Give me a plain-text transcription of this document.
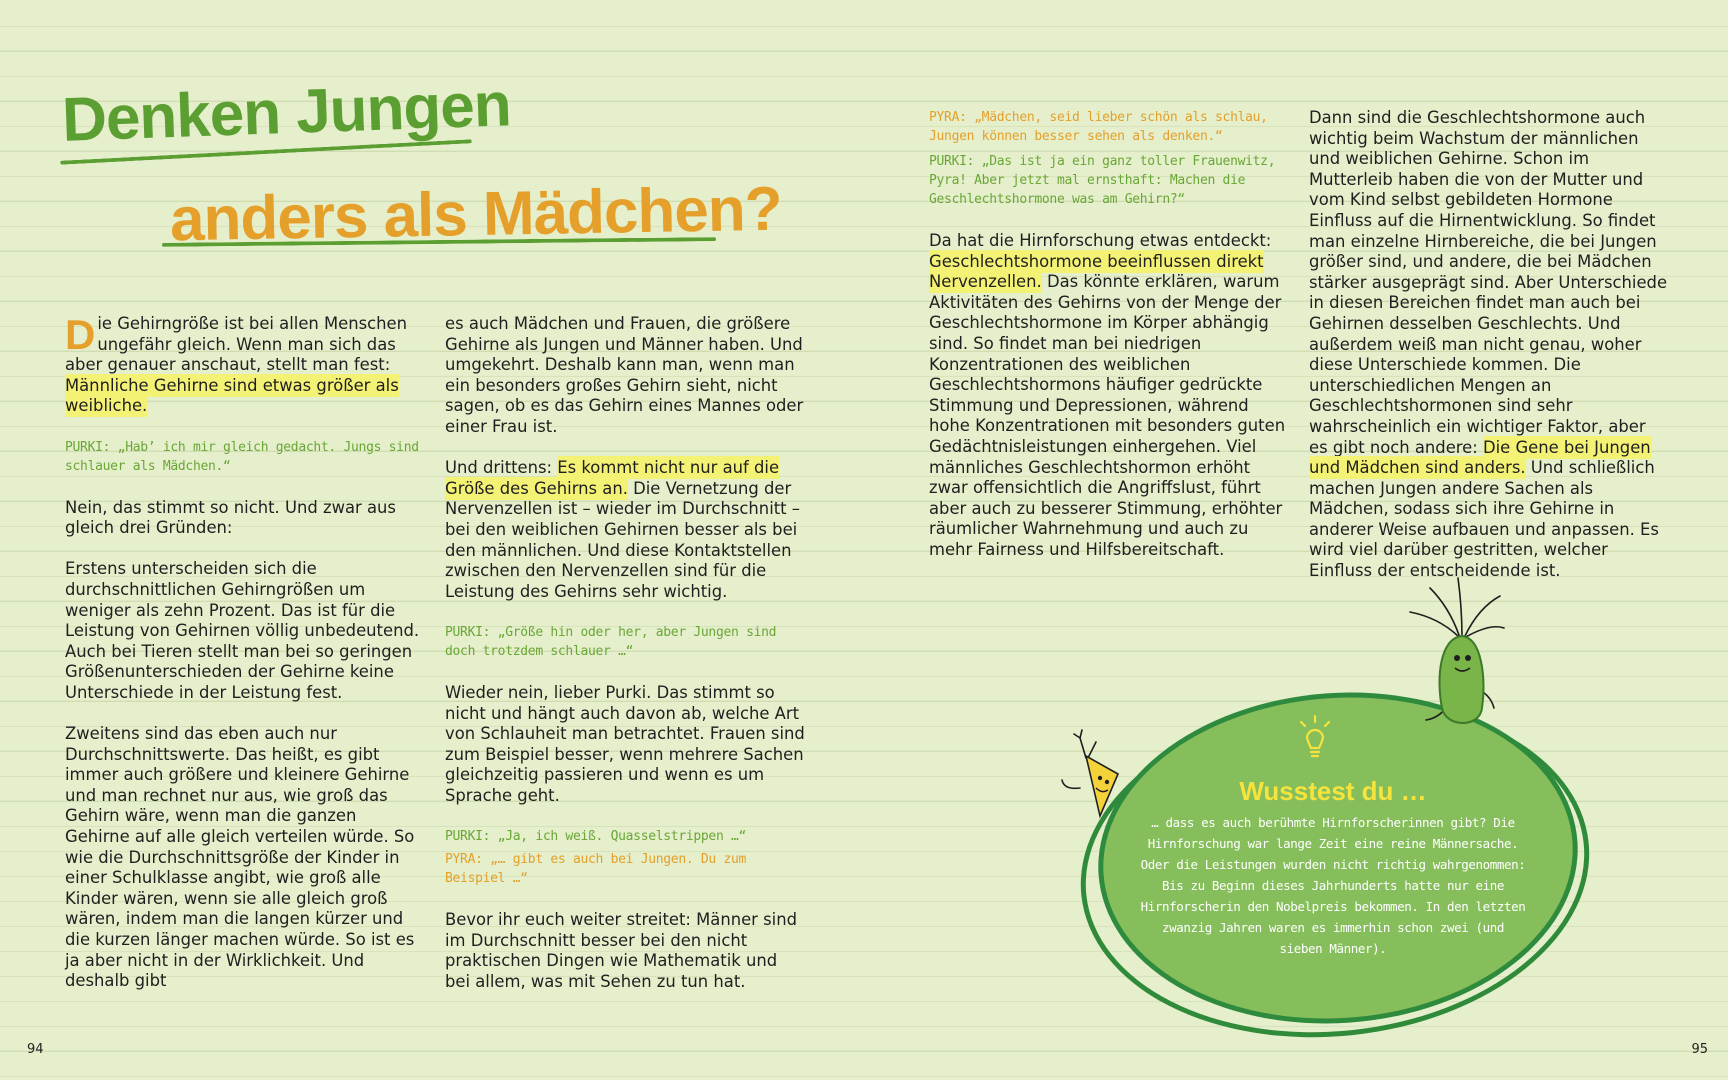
Denken Jungen
anders als Mädchen?

Die Gehirngröße ist bei allen Menschen ungefähr gleich. Wenn man sich das aber genauer anschaut, stellt man fest: Männliche Gehirne sind etwas größer als weibliche.

PURKI: „Hab’ ich mir gleich gedacht. Jungs sind schlauer als Mädchen.“

Nein, das stimmt so nicht. Und zwar aus gleich drei Gründen:

Erstens unterscheiden sich die durchschnittlichen Gehirngrößen um weniger als zehn Prozent. Das ist für die Leistung von Gehirnen völlig unbedeutend. Auch bei Tieren stellt man bei so geringen Größenunterschieden der Gehirne keine Unterschiede in der Leistung fest.

Zweitens sind das eben auch nur Durchschnittswerte. Das heißt, es gibt immer auch größere und kleinere Gehirne und man rechnet nur aus, wie groß das Gehirn wäre, wenn man die ganzen Gehirne auf alle gleich verteilen würde. So wie die Durchschnittsgröße der Kinder in einer Schulklasse angibt, wie groß alle Kinder wären, wenn sie alle gleich groß wären, indem man die langen kürzer und die kurzen länger machen würde. So ist es ja aber nicht in der Wirklichkeit. Und deshalb gibt

es auch Mädchen und Frauen, die größere Gehirne als Jungen und Männer haben. Und umgekehrt. Deshalb kann man, wenn man ein besonders großes Gehirn sieht, nicht sagen, ob es das Gehirn eines Mannes oder einer Frau ist.

Und drittens: Es kommt nicht nur auf die Größe des Gehirns an. Die Vernetzung der Nervenzellen ist – wieder im Durchschnitt – bei den weiblichen Gehirnen besser als bei den männlichen. Und diese Kontaktstellen zwischen den Nervenzellen sind für die Leistung des Gehirns sehr wichtig.

PURKI: „Größe hin oder her, aber Jungen sind doch trotzdem schlauer …“

Wieder nein, lieber Purki. Das stimmt so nicht und hängt auch davon ab, welche Art von Schlauheit man betrachtet. Frauen sind zum Beispiel besser, wenn mehrere Sachen gleichzeitig passieren und wenn es um Sprache geht.

PURKI: „Ja, ich weiß. Quasselstrippen …“

PYRA: „… gibt es auch bei Jungen. Du zum Beispiel …“

Bevor ihr euch weiter streitet: Männer sind im Durchschnitt besser bei den nicht praktischen Dingen wie Mathematik und bei allem, was mit Sehen zu tun hat.

PYRA: „Mädchen, seid lieber schön als schlau, Jungen können besser sehen als denken.“

PURKI: „Das ist ja ein ganz toller Frauenwitz, Pyra! Aber jetzt mal ernsthaft: Machen die Geschlechtshormone was am Gehirn?“

Da hat die Hirnforschung etwas entdeckt: Geschlechtshormone beeinflussen direkt Nervenzellen. Das könnte erklären, warum Aktivitäten des Gehirns von der Menge der Geschlechtshormone im Körper abhängig sind. So findet man bei niedrigen Konzentrationen des weiblichen Geschlechtshormons häufiger gedrückte Stimmung und Depressionen, während hohe Konzentrationen mit besonders guten Gedächtnisleistungen einhergehen. Viel männliches Geschlechtshormon erhöht zwar offensichtlich die Angriffslust, führt aber auch zu besserer Stimmung, erhöhter räumlicher Wahrnehmung und auch zu mehr Fairness und Hilfsbereitschaft.

Dann sind die Geschlechtshormone auch wichtig beim Wachstum der männlichen und weiblichen Gehirne. Schon im Mutterleib haben die von der Mutter und vom Kind selbst gebildeten Hormone Einfluss auf die Hirnentwicklung. So findet man einzelne Hirnbereiche, die bei Jungen größer sind, und andere, die bei Mädchen stärker ausgeprägt sind. Aber Unterschiede in diesen Bereichen findet man auch bei Gehirnen desselben Geschlechts. Und außerdem weiß man nicht genau, woher diese Unterschiede kommen. Die unterschiedlichen Mengen an Geschlechtshormonen sind sehr wahrscheinlich ein wichtiger Faktor, aber es gibt noch andere: Die Gene bei Jungen und Mädchen sind anders. Und schließlich machen Jungen andere Sachen als Mädchen, sodass sich ihre Gehirne in anderer Weise aufbauen und anpassen. Es wird viel darüber gestritten, welcher Einfluss der entscheidende ist.

Wusstest du …

… dass es auch berühmte Hirnforscherinnen gibt? Die Hirnforschung war lange Zeit eine reine Männersache. Oder die Leistungen wurden nicht richtig wahrgenommen: Bis zu Beginn dieses Jahrhunderts hatte nur eine Hirnforscherin den Nobelpreis bekommen. In den letzten zwanzig Jahren waren es immerhin schon zwei (und sieben Männer).

94	95
